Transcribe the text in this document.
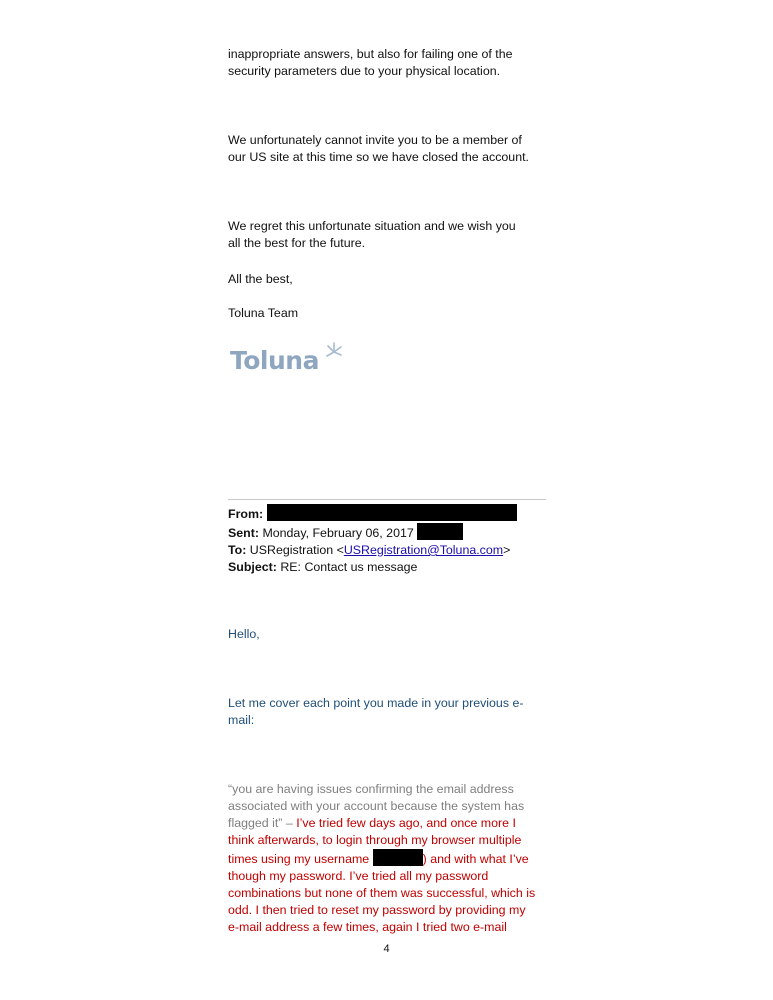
inappropriate answers, but also for failing one of the

security parameters due to your physical location.

We unfortunately cannot invite you to be a member of

our US site at this time so we have closed the account.

We regret this unfortunate situation and we wish you

all the best for the future.

All the best,

Toluna Team

Toluna

From:

Sent: Monday, February 06, 2017

To: USRegistration <USRegistration@Toluna.com>

Subject: RE: Contact us message

Hello,

Let me cover each point you made in your previous e-

mail:

“you are having issues confirming the email address

associated with your account because the system has

flagged it” – I’ve tried few days ago, and once more I

think afterwards, to login through my browser multiple

times using my username	) and with what I’ve

though my password. I’ve tried all my password

combinations but none of them was successful, which is

odd. I then tried to reset my password by providing my

e-mail address a few times, again I tried two e-mail

4
